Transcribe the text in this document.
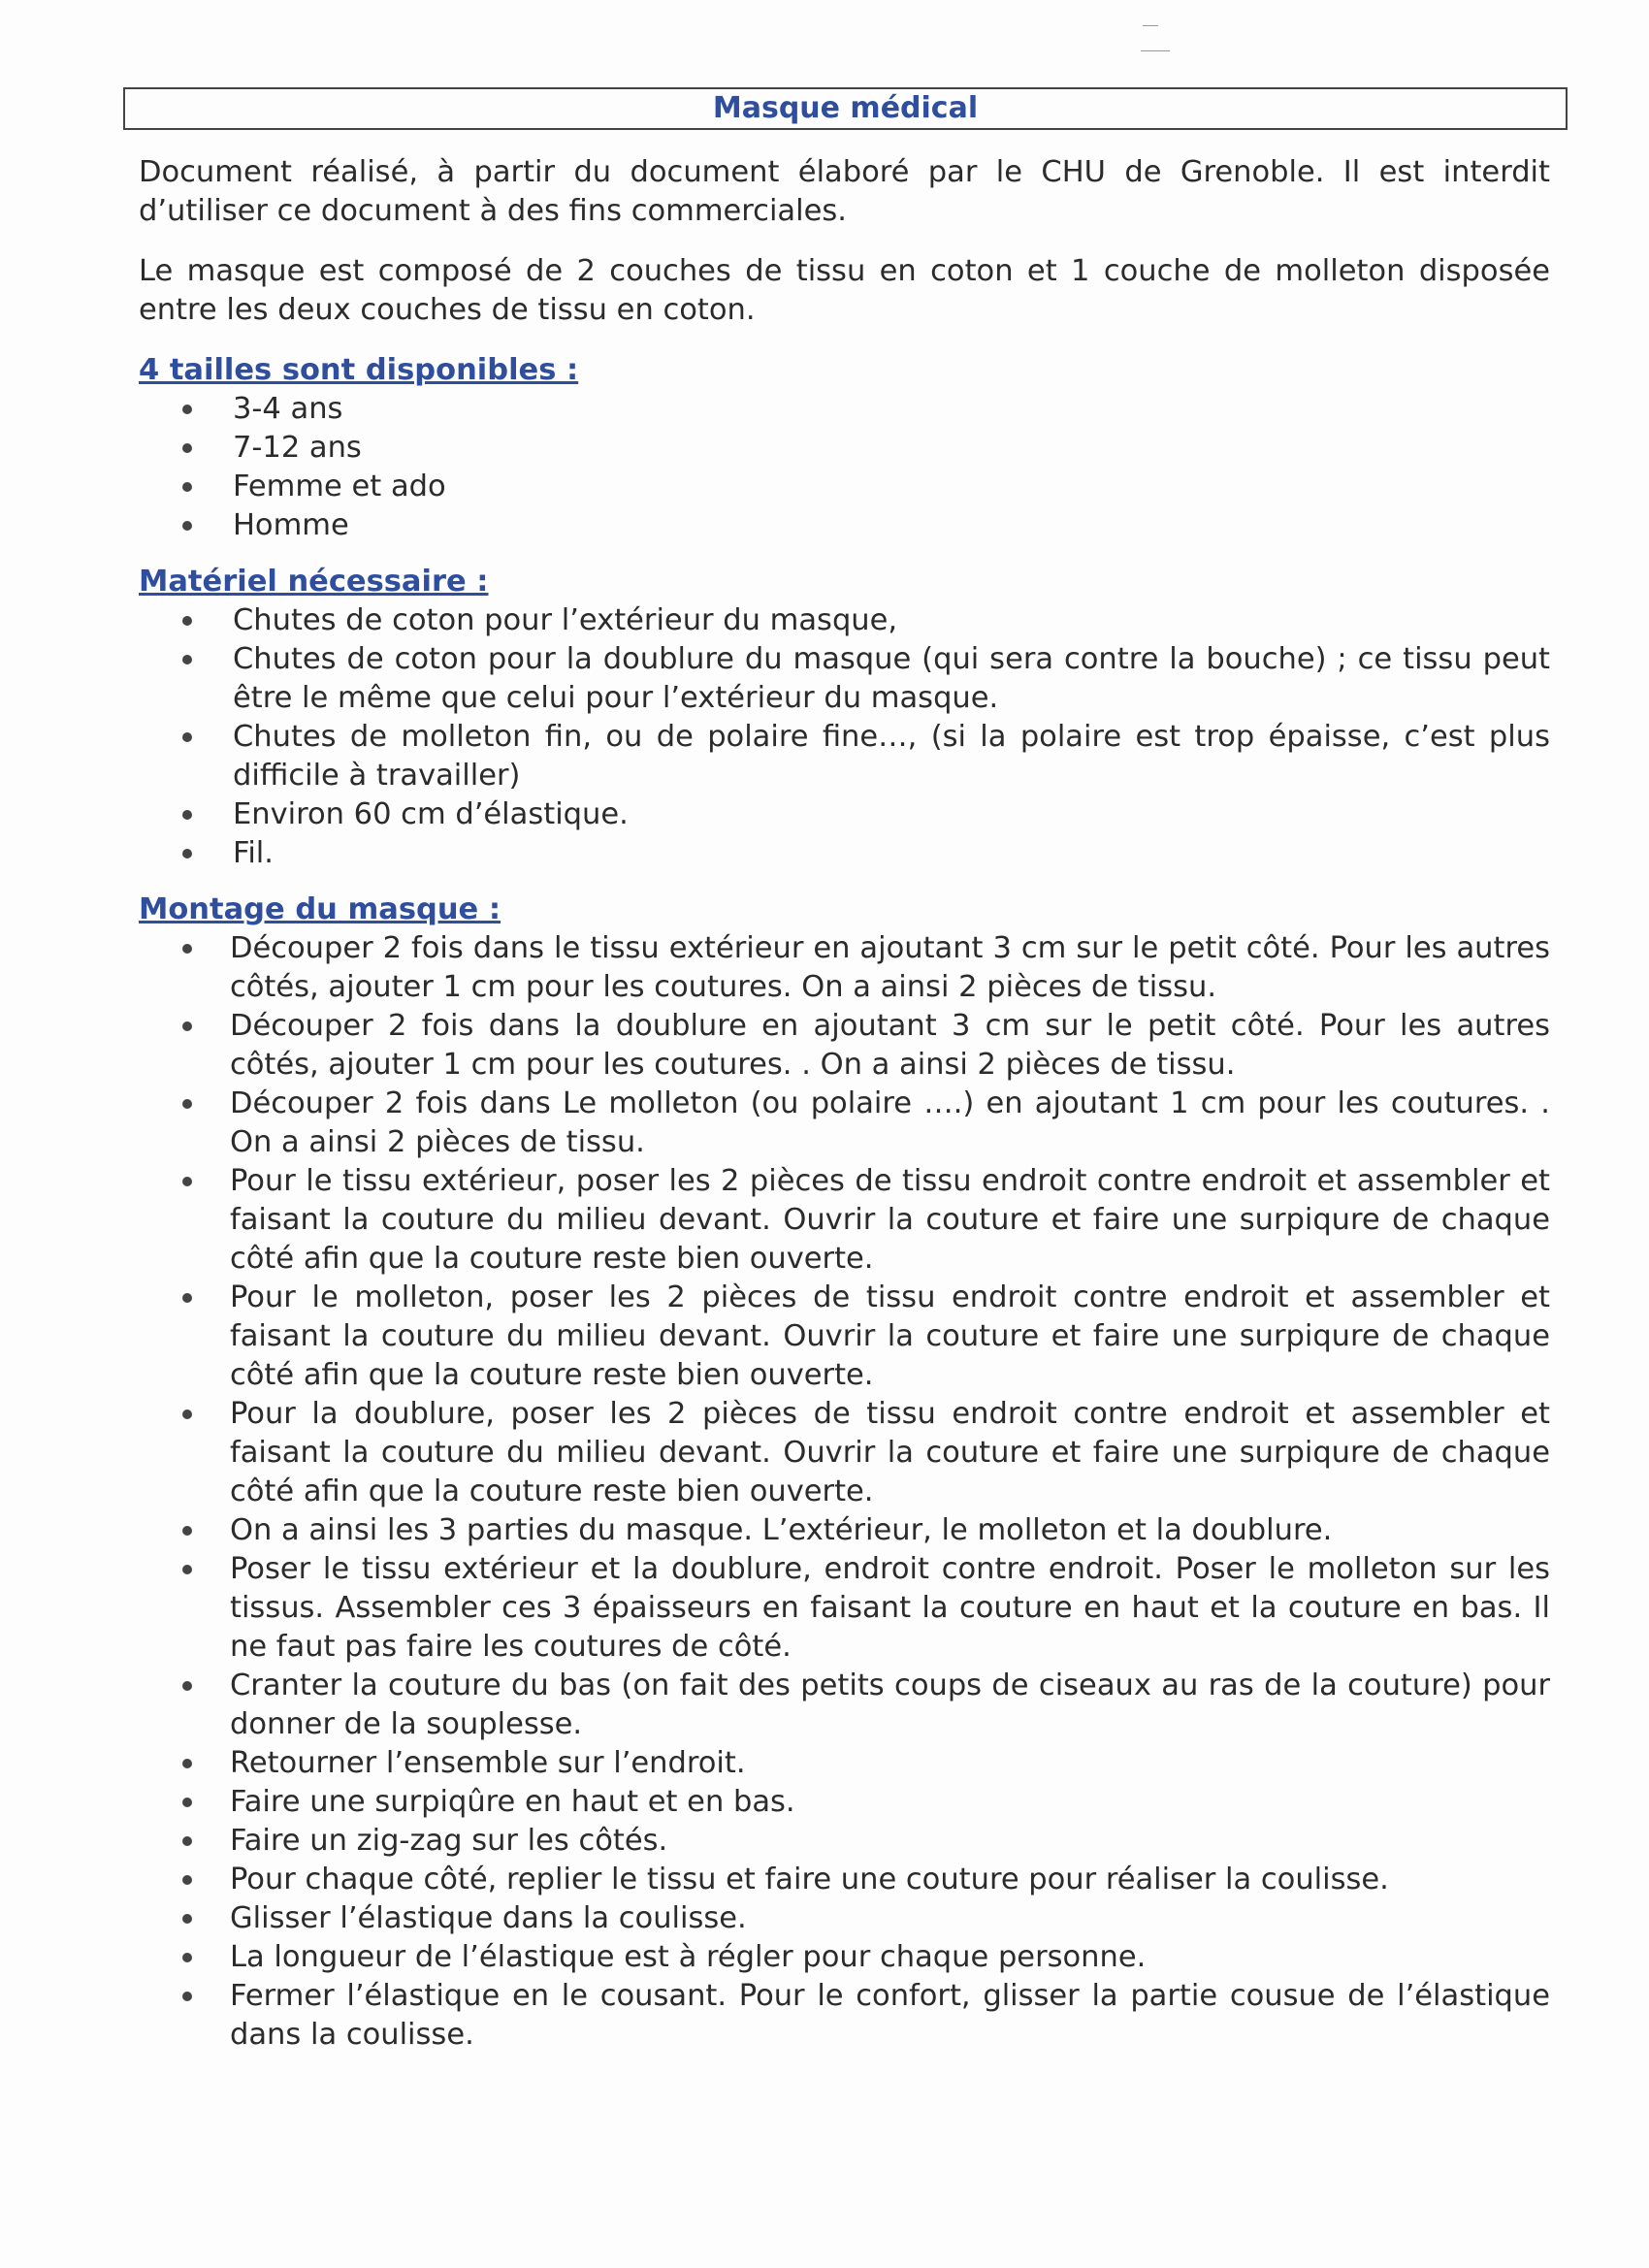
Masque médical

Document réalisé, à partir du document élaboré par le CHU de Grenoble. Il est interdit d’utiliser ce document à des fins commerciales.

Le masque est composé de 2 couches de tissu en coton et 1 couche de molleton disposée entre les deux couches de tissu en coton.

4 tailles sont disponibles :
3-4 ans
7-12 ans
Femme et ado
Homme
Matériel nécessaire :
Chutes de coton pour l’extérieur du masque,
Chutes de coton pour la doublure du masque (qui sera contre la bouche) ; ce tissu peut être le même que celui pour l’extérieur du masque.
Chutes de molleton fin, ou de polaire fine…, (si la polaire est trop épaisse, c’est plus difficile à travailler)
Environ 60 cm d’élastique.
Fil.
Montage du masque :
Découper 2 fois dans le tissu extérieur en ajoutant 3 cm sur le petit côté. Pour les autres côtés, ajouter 1 cm pour les coutures. On a ainsi 2 pièces de tissu.
Découper 2 fois dans la doublure en ajoutant 3 cm sur le petit côté. Pour les autres côtés, ajouter 1 cm pour les coutures. . On a ainsi 2 pièces de tissu.
Découper 2 fois dans Le molleton (ou polaire ….) en ajoutant 1 cm pour les coutures. . On a ainsi 2 pièces de tissu.
Pour le tissu extérieur, poser les 2 pièces de tissu endroit contre endroit et assembler et faisant la couture du milieu devant. Ouvrir la couture et faire une surpiqure de chaque côté afin que la couture reste bien ouverte.
Pour le molleton, poser les 2 pièces de tissu endroit contre endroit et assembler et faisant la couture du milieu devant. Ouvrir la couture et faire une surpiqure de chaque côté afin que la couture reste bien ouverte.
Pour la doublure, poser les 2 pièces de tissu endroit contre endroit et assembler et faisant la couture du milieu devant. Ouvrir la couture et faire une surpiqure de chaque côté afin que la couture reste bien ouverte.
On a ainsi les 3 parties du masque. L’extérieur, le molleton et la doublure.
Poser le tissu extérieur et la doublure, endroit contre endroit. Poser le molleton sur les tissus. Assembler ces 3 épaisseurs en faisant la couture en haut et la couture en bas. Il ne faut pas faire les coutures de côté.
Cranter la couture du bas (on fait des petits coups de ciseaux au ras de la couture) pour donner de la souplesse.
Retourner l’ensemble sur l’endroit.
Faire une surpiqûre en haut et en bas.
Faire un zig-zag sur les côtés.
Pour chaque côté, replier le tissu et faire une couture pour réaliser la coulisse.
Glisser l’élastique dans la coulisse.
La longueur de l’élastique est à régler pour chaque personne.
Fermer l’élastique en le cousant. Pour le confort, glisser la partie cousue de l’élastique dans la coulisse.
